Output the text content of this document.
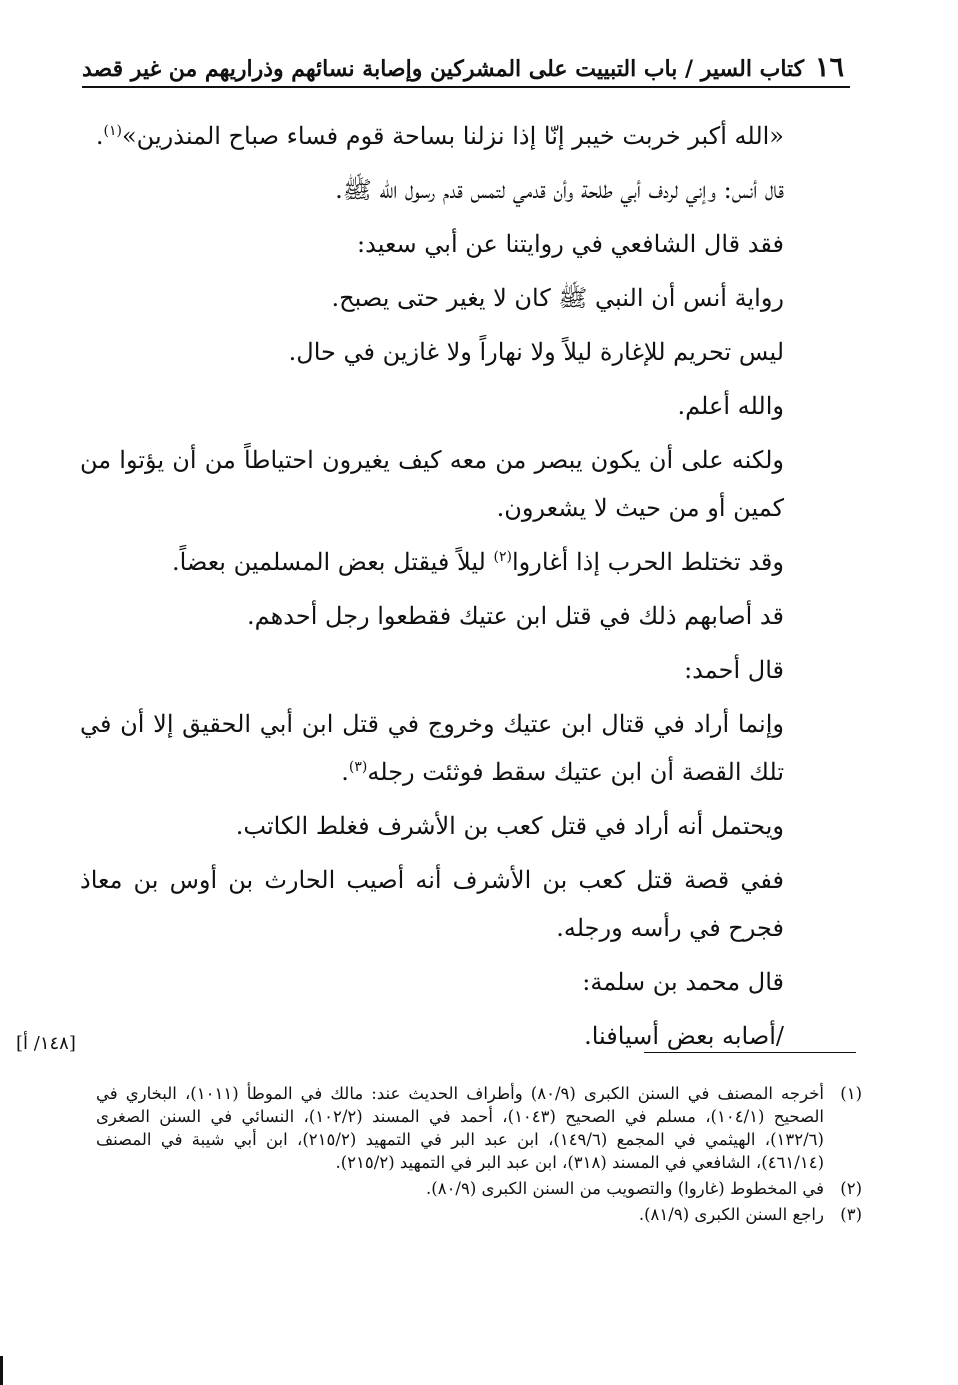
١٦
كتاب السير / باب التبييت على المشركين وإصابة نسائهم وذراريهم من غير قصد

«الله أكبر خربت خيبر إنّا إذا نزلنا بساحة قوم فساء صباح المنذرين»$^{(١)}$.

قال أنس: وإني لردف أبي طلحة وأن قدمي لتمس قدم رسول الله ﷺ.

فقد قال الشافعي في روايتنا عن أبي سعيد:

رواية أنس أن النبي ﷺ كان لا يغير حتى يصبح.

ليس تحريم للإغارة ليلاً ولا نهاراً ولا غازين في حال.

والله أعلم.

ولكنه على أن يكون يبصر من معه كيف يغيرون احتياطاً من أن يؤتوا من كمين أو من حيث لا يشعرون.

وقد تختلط الحرب إذا أغاروا$^{(٢)}$ ليلاً فيقتل بعض المسلمين بعضاً.

قد أصابهم ذلك في قتل ابن عتيك فقطعوا رجل أحدهم.

قال أحمد:

وإنما أراد في قتال ابن عتيك وخروج في قتل ابن أبي الحقيق إلا أن في تلك القصة أن ابن عتيك سقط فوثئت رجله$^{(٣)}$.

ويحتمل أنه أراد في قتل كعب بن الأشرف فغلط الكاتب.

ففي قصة قتل كعب بن الأشرف أنه أصيب الحارث بن أوس بن معاذ فجرح في رأسه ورجله.

قال محمد بن سلمة:

/أصابه بعض أسيافنا.
[١٤٨/ أ]

(١)
أخرجه المصنف في السنن الكبرى (٨٠/٩) وأطراف الحديث عند: مالك في الموطأ (١٠١١)، البخاري في الصحيح (١٠٤/١)، مسلم في الصحيح (١٠٤٣)، أحمد في المسند (١٠٢/٢)، النسائي في السنن الصغرى (١٣٢/٦)، الهيثمي في المجمع (١٤٩/٦)، ابن عبد البر في التمهيد (٢١٥/٢)، ابن أبي شيبة في المصنف (٤٦١/١٤)، الشافعي في المسند (٣١٨)، ابن عبد البر في التمهيد (٢١٥/٢).

(٢)
في المخطوط (غاروا) والتصويب من السنن الكبرى (٨٠/٩).

(٣)
راجع السنن الكبرى (٨١/٩).
